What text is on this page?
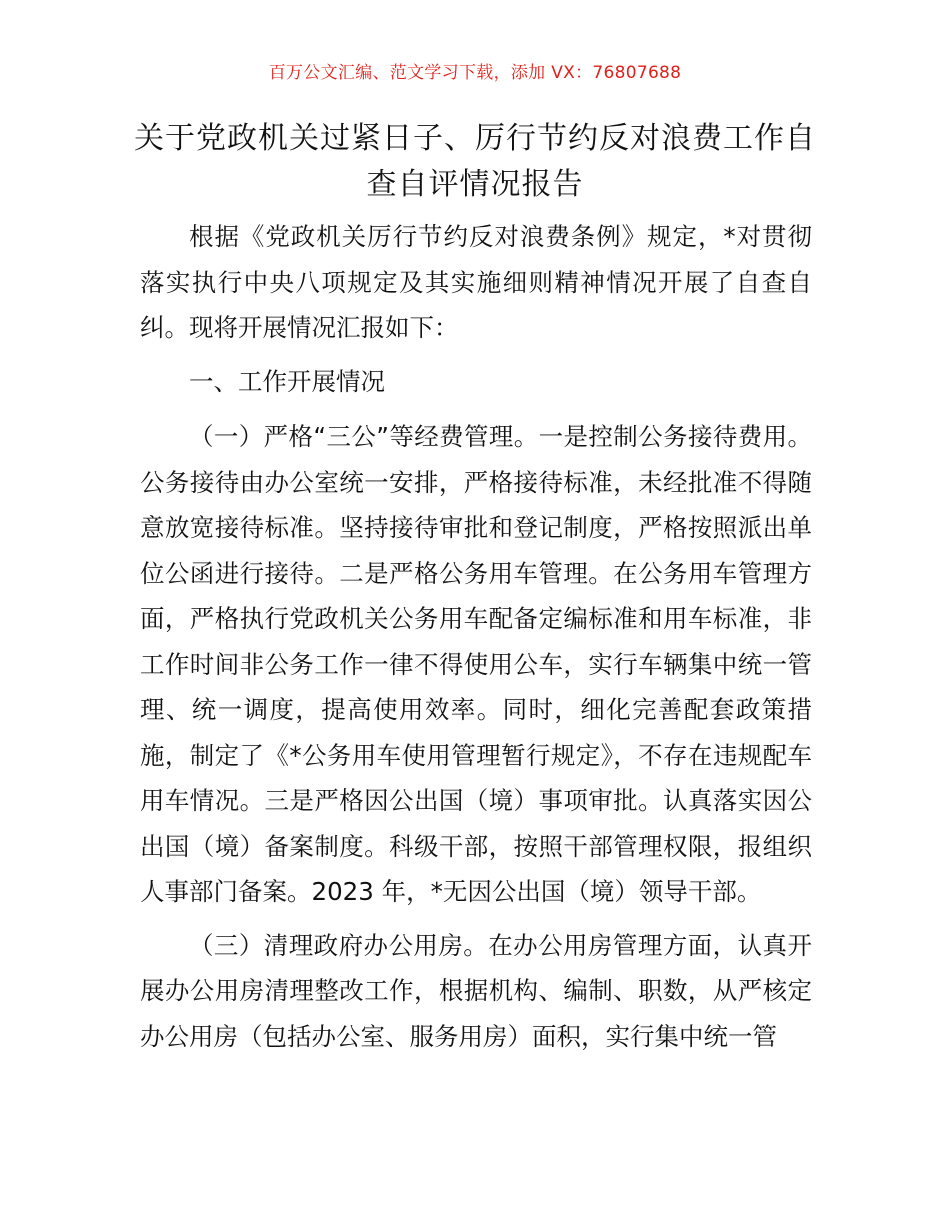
百万公文汇编、范文学习下载，添加 VX：76807688
关于党政机关过紧日子、厉行节约反对浪费工作自查自评情况报告

根据《党政机关厉行节约反对浪费条例》规定，*对贯彻落实执行中央八项规定及其实施细则精神情况开展了自查自纠。现将开展情况汇报如下：

一、工作开展情况

（一）严格“三公”等经费管理。一是控制公务接待费用。公务接待由办公室统一安排，严格接待标准，未经批准不得随意放宽接待标准。坚持接待审批和登记制度，严格按照派出单位公函进行接待。二是严格公务用车管理。在公务用车管理方面，严格执行党政机关公务用车配备定编标准和用车标准，非工作时间非公务工作一律不得使用公车，实行车辆集中统一管理、统一调度，提高使用效率。同时，细化完善配套政策措施，制定了《*公务用车使用管理暂行规定》，不存在违规配车用车情况。三是严格因公出国（境）事项审批。认真落实因公出国（境）备案制度。科级干部，按照干部管理权限，报组织人事部门备案。2023 年，*无因公出国（境）领导干部。

（三）清理政府办公用房。在办公用房管理方面，认真开展办公用房清理整改工作，根据机构、编制、职数，从严核定办公用房（包括办公室、服务用房）面积，实行集中统一管
